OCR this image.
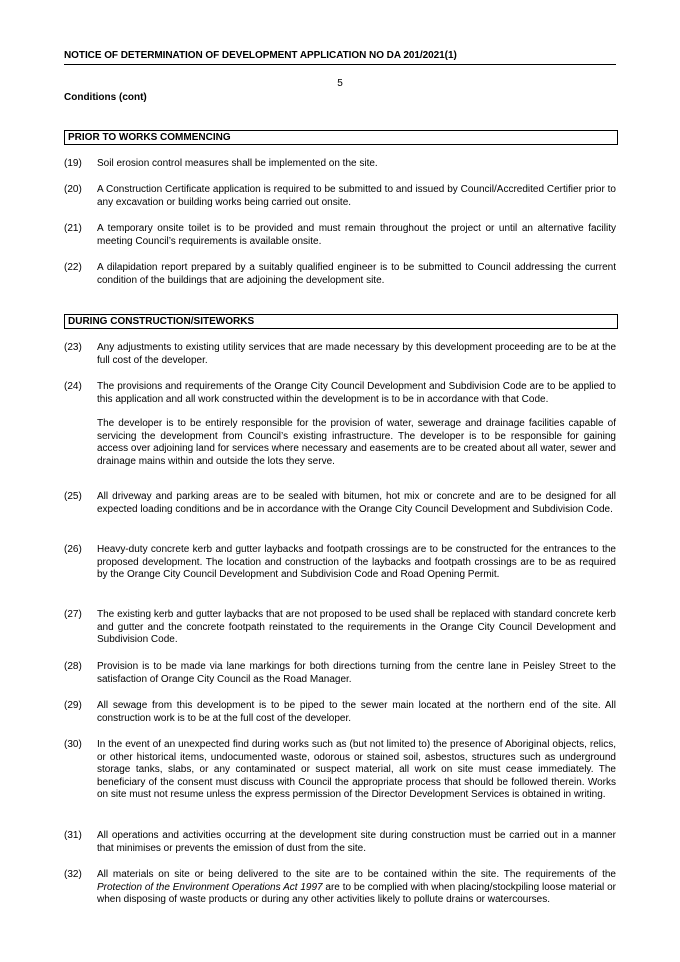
NOTICE OF DETERMINATION OF DEVELOPMENT APPLICATION NO DA 201/2021(1)
5
Conditions (cont)
PRIOR TO WORKS COMMENCING
(19) Soil erosion control measures shall be implemented on the site.

(20) A Construction Certificate application is required to be submitted to and issued by Council/Accredited Certifier prior to any excavation or building works being carried out onsite.

(21) A temporary onsite toilet is to be provided and must remain throughout the project or until an alternative facility meeting Council’s requirements is available onsite.

(22) A dilapidation report prepared by a suitably qualified engineer is to be submitted to Council addressing the current condition of the buildings that are adjoining the development site.

DURING CONSTRUCTION/SITEWORKS
(23) Any adjustments to existing utility services that are made necessary by this development proceeding are to be at the full cost of the developer.

(24) The provisions and requirements of the Orange City Council Development and Subdivision Code are to be applied to this application and all work constructed within the development is to be in accordance with that Code.

The developer is to be entirely responsible for the provision of water, sewerage and drainage facilities capable of servicing the development from Council’s existing infrastructure. The developer is to be responsible for gaining access over adjoining land for services where necessary and easements are to be created about all water, sewer and drainage mains within and outside the lots they serve.

(25) All driveway and parking areas are to be sealed with bitumen, hot mix or concrete and are to be designed for all expected loading conditions and be in accordance with the Orange City Council Development and Subdivision Code.

(26) Heavy-duty concrete kerb and gutter laybacks and footpath crossings are to be constructed for the entrances to the proposed development. The location and construction of the laybacks and footpath crossings are to be as required by the Orange City Council Development and Subdivision Code and Road Opening Permit.

(27) The existing kerb and gutter laybacks that are not proposed to be used shall be replaced with standard concrete kerb and gutter and the concrete footpath reinstated to the requirements in the Orange City Council Development and Subdivision Code.

(28) Provision is to be made via lane markings for both directions turning from the centre lane in Peisley Street to the satisfaction of Orange City Council as the Road Manager.

(29) All sewage from this development is to be piped to the sewer main located at the northern end of the site. All construction work is to be at the full cost of the developer.

(30) In the event of an unexpected find during works such as (but not limited to) the presence of Aboriginal objects, relics, or other historical items, undocumented waste, odorous or stained soil, asbestos, structures such as underground storage tanks, slabs, or any contaminated or suspect material, all work on site must cease immediately. The beneficiary of the consent must discuss with Council the appropriate process that should be followed therein. Works on site must not resume unless the express permission of the Director Development Services is obtained in writing.

(31) All operations and activities occurring at the development site during construction must be carried out in a manner that minimises or prevents the emission of dust from the site.

(32) All materials on site or being delivered to the site are to be contained within the site. The requirements of the Protection of the Environment Operations Act 1997 are to be complied with when placing/stockpiling loose material or when disposing of waste products or during any other activities likely to pollute drains or watercourses.
